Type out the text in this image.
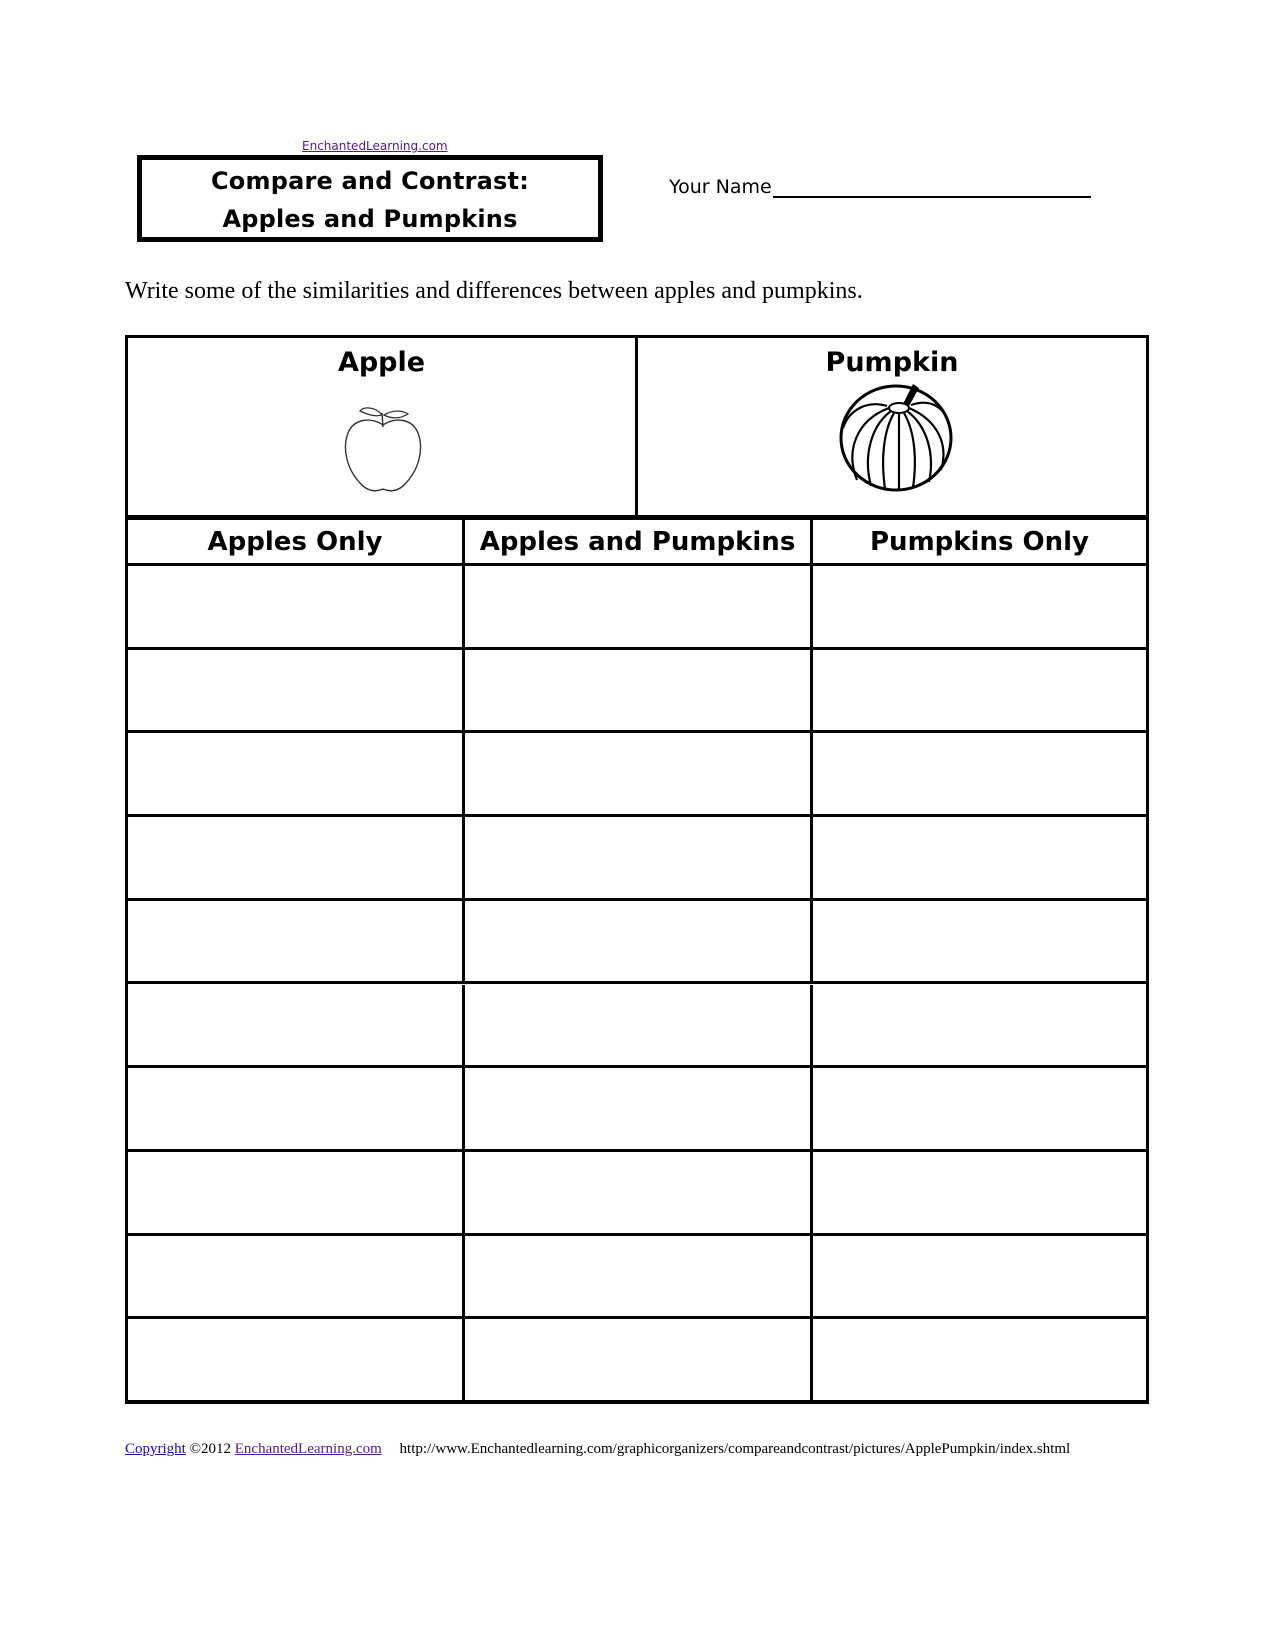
EnchantedLearning.com
Compare and Contrast:
Apples and Pumpkins
Your Name
Write some of the similarities and differences between apples and pumpkins.
Apple	Pumpkin
Apples Only	Apples and Pumpkins	Pumpkins Only
Copyright ©2012 EnchantedLearning.com http://www.Enchantedlearning.com/graphicorganizers/compareandcontrast/pictures/ApplePumpkin/index.shtml
